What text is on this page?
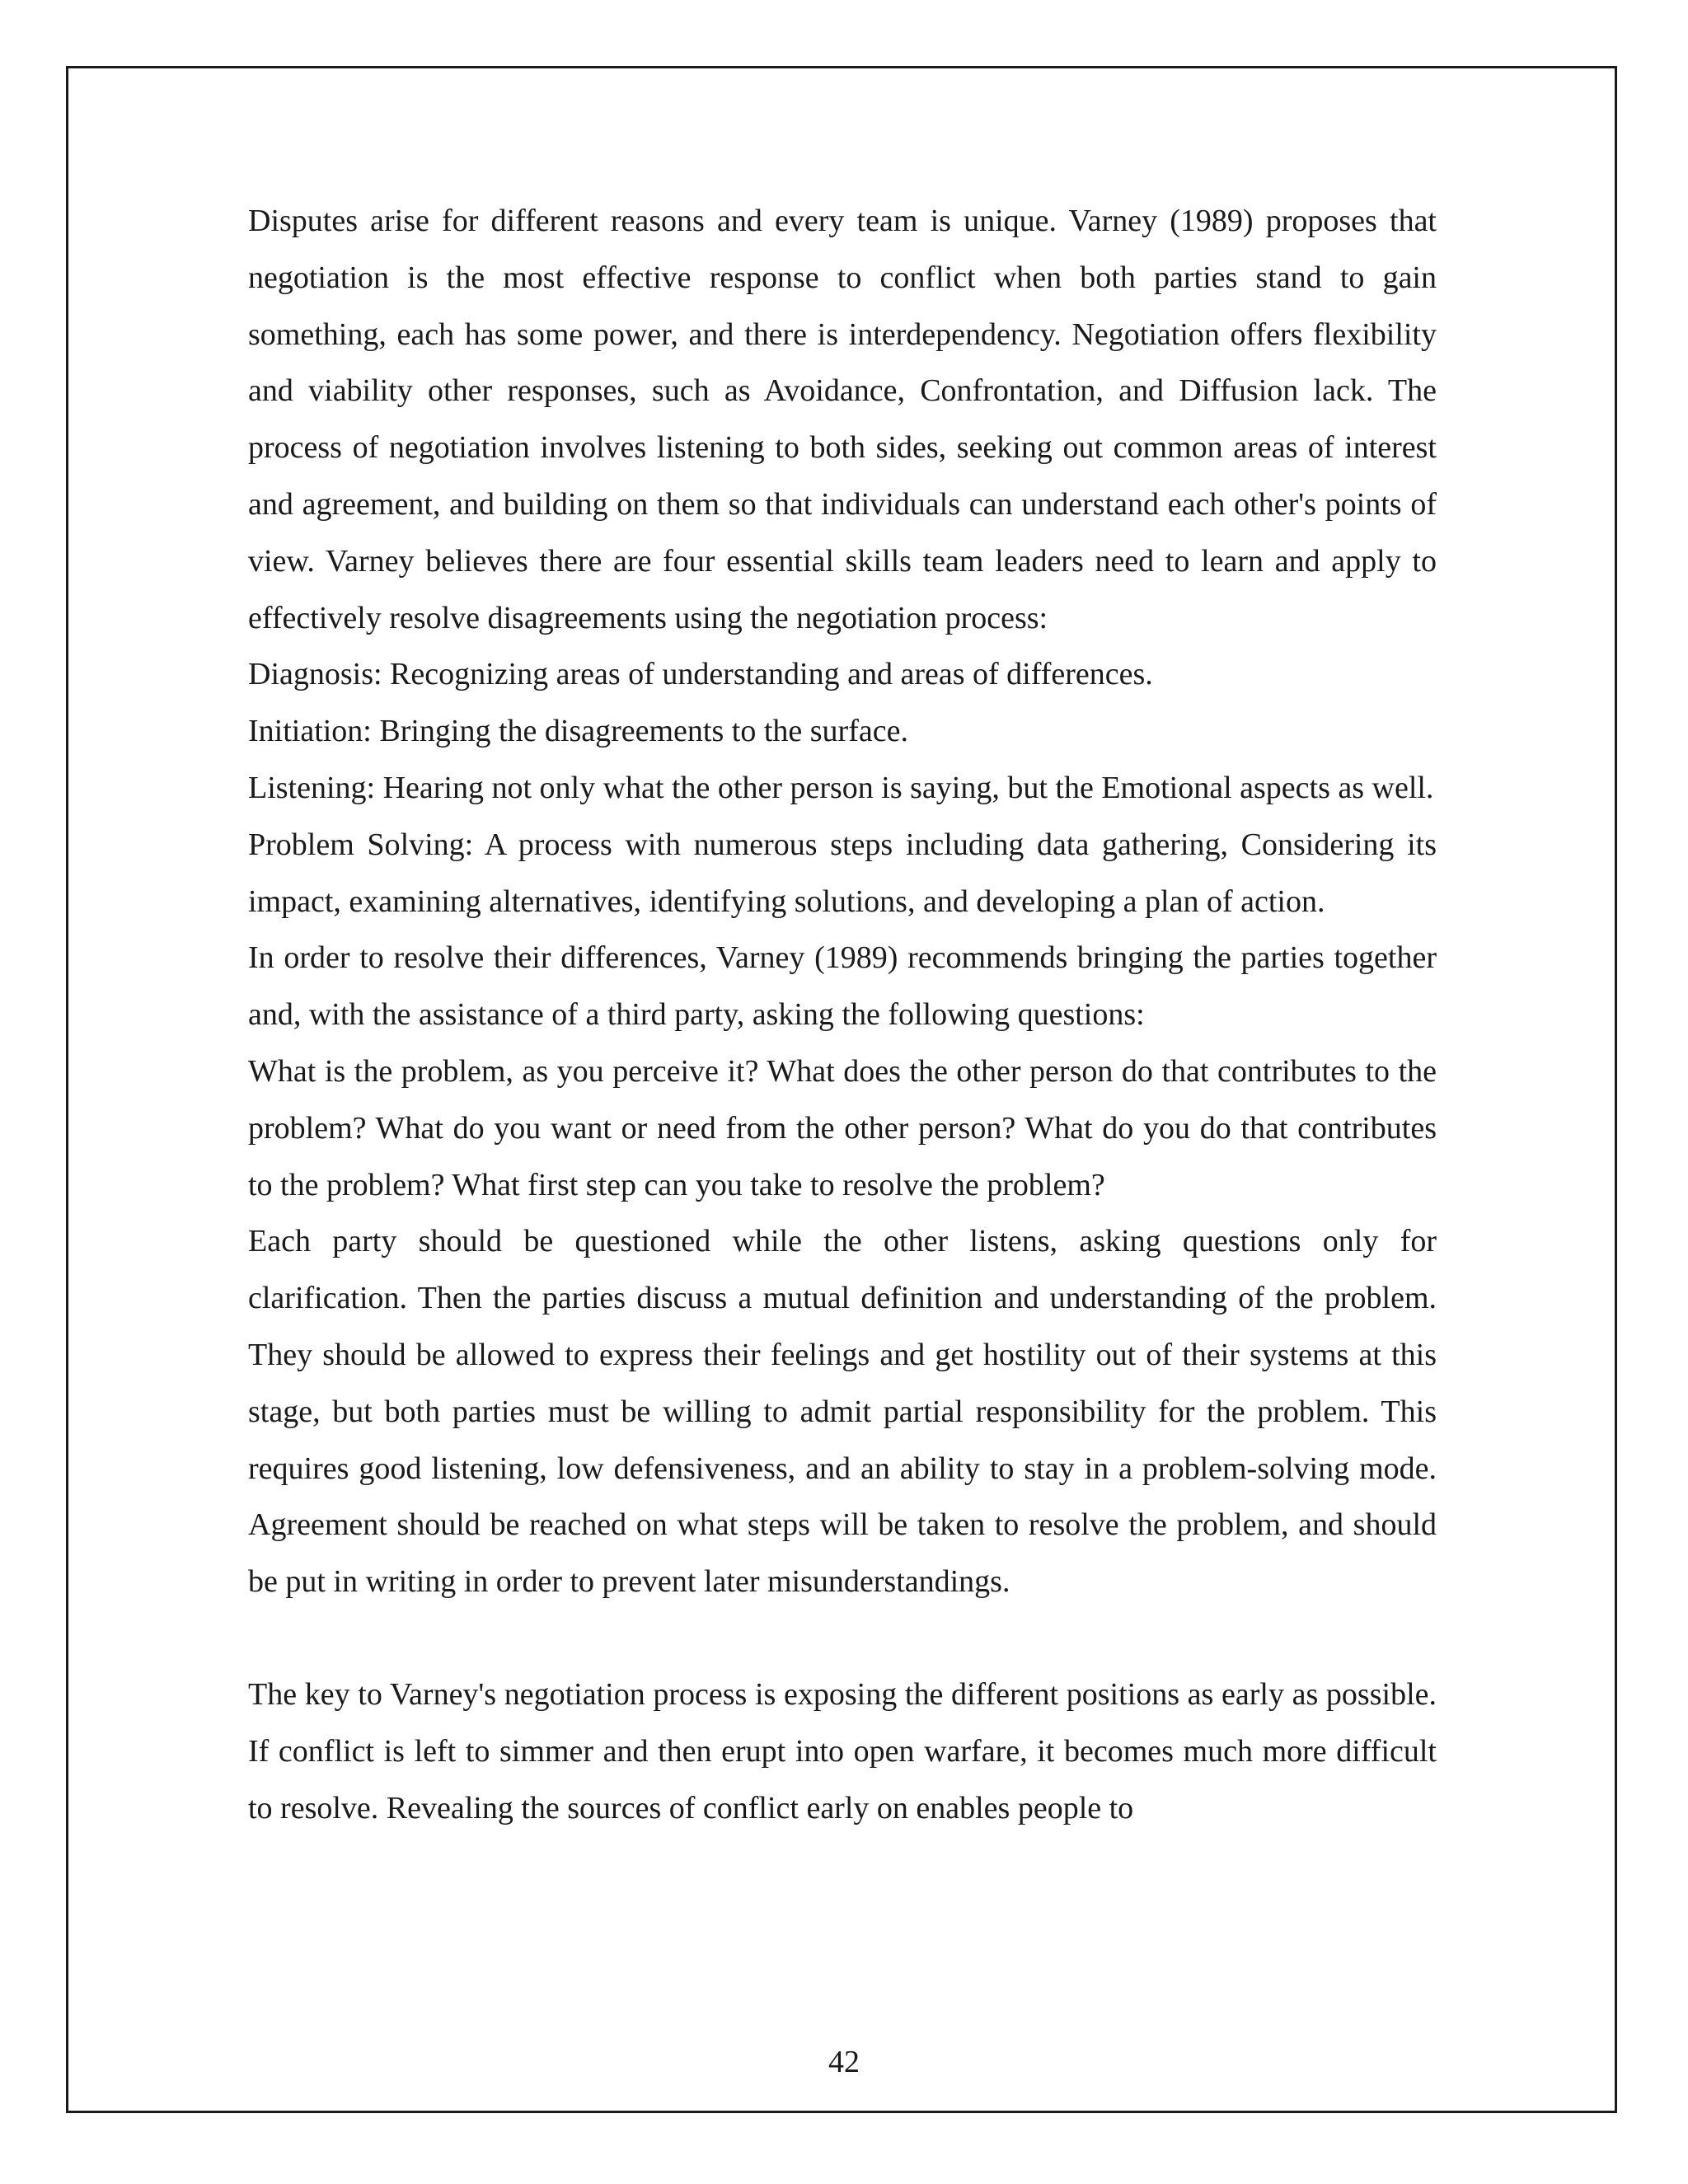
Disputes arise for different reasons and every team is unique. Varney (1989) proposes that negotiation is the most effective response to conflict when both parties stand to gain something, each has some power, and there is interdependency. Negotiation offers flexibility and viability other responses, such as Avoidance, Confrontation, and Diffusion lack. The process of negotiation involves listening to both sides, seeking out common areas of interest and agreement, and building on them so that individuals can understand each other's points of view. Varney believes there are four essential skills team leaders need to learn and apply to effectively resolve disagreements using the negotiation process:

Diagnosis: Recognizing areas of understanding and areas of differences.

Initiation: Bringing the disagreements to the surface.

Listening: Hearing not only what the other person is saying, but the Emotional aspects as well.

Problem Solving: A process with numerous steps including data gathering, Considering its impact, examining alternatives, identifying solutions, and developing a plan of action.

In order to resolve their differences, Varney (1989) recommends bringing the parties together and, with the assistance of a third party, asking the following questions:

What is the problem, as you perceive it? What does the other person do that contributes to the problem? What do you want or need from the other person? What do you do that contributes to the problem? What first step can you take to resolve the problem?

Each party should be questioned while the other listens, asking questions only for clarification. Then the parties discuss a mutual definition and understanding of the problem. They should be allowed to express their feelings and get hostility out of their systems at this stage, but both parties must be willing to admit partial responsibility for the problem. This requires good listening, low defensiveness, and an ability to stay in a problem-solving mode. Agreement should be reached on what steps will be taken to resolve the problem, and should be put in writing in order to prevent later misunderstandings.

The key to Varney's negotiation process is exposing the different positions as early as possible. If conflict is left to simmer and then erupt into open warfare, it becomes much more difficult to resolve. Revealing the sources of conflict early on enables people to

42
